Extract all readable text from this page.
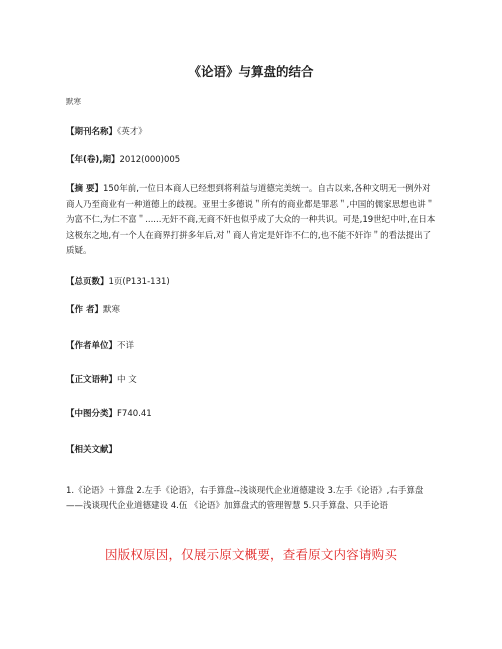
《论语》与算盘的结合
默寒
【期刊名称】《英才》
【年(卷),期】2012(000)005
【摘 要】150年前,一位日本商人已经想到将利益与道德完美统一。自古以来,各种文明无一例外对商人乃至商业有一种道德上的歧视。亚里士多德说＂所有的商业都是罪恶＂,中国的儒家思想也讲＂为富不仁,为仁不富＂......无奸不商,无商不奸也似乎成了大众的一种共识。可是,19世纪中叶,在日本这极东之地,有一个人在商界打拼多年后,对＂商人肯定是奸诈不仁的,也不能不奸诈＂的看法提出了质疑。
【总页数】1页(P131-131)
【作 者】默寒
【作者单位】不详
【正文语种】中 文
【中图分类】F740.41
【相关文献】
1.《论语》＋算盘 2.左手《论语》，右手算盘--浅谈现代企业道德建设 3.左手《论语》,右手算盘——浅谈现代企业道德建设 4.伍 《论语》加算盘式的管理智慧 5.只手算盘、只手论语
因版权原因，仅展示原文概要，查看原文内容请购买
